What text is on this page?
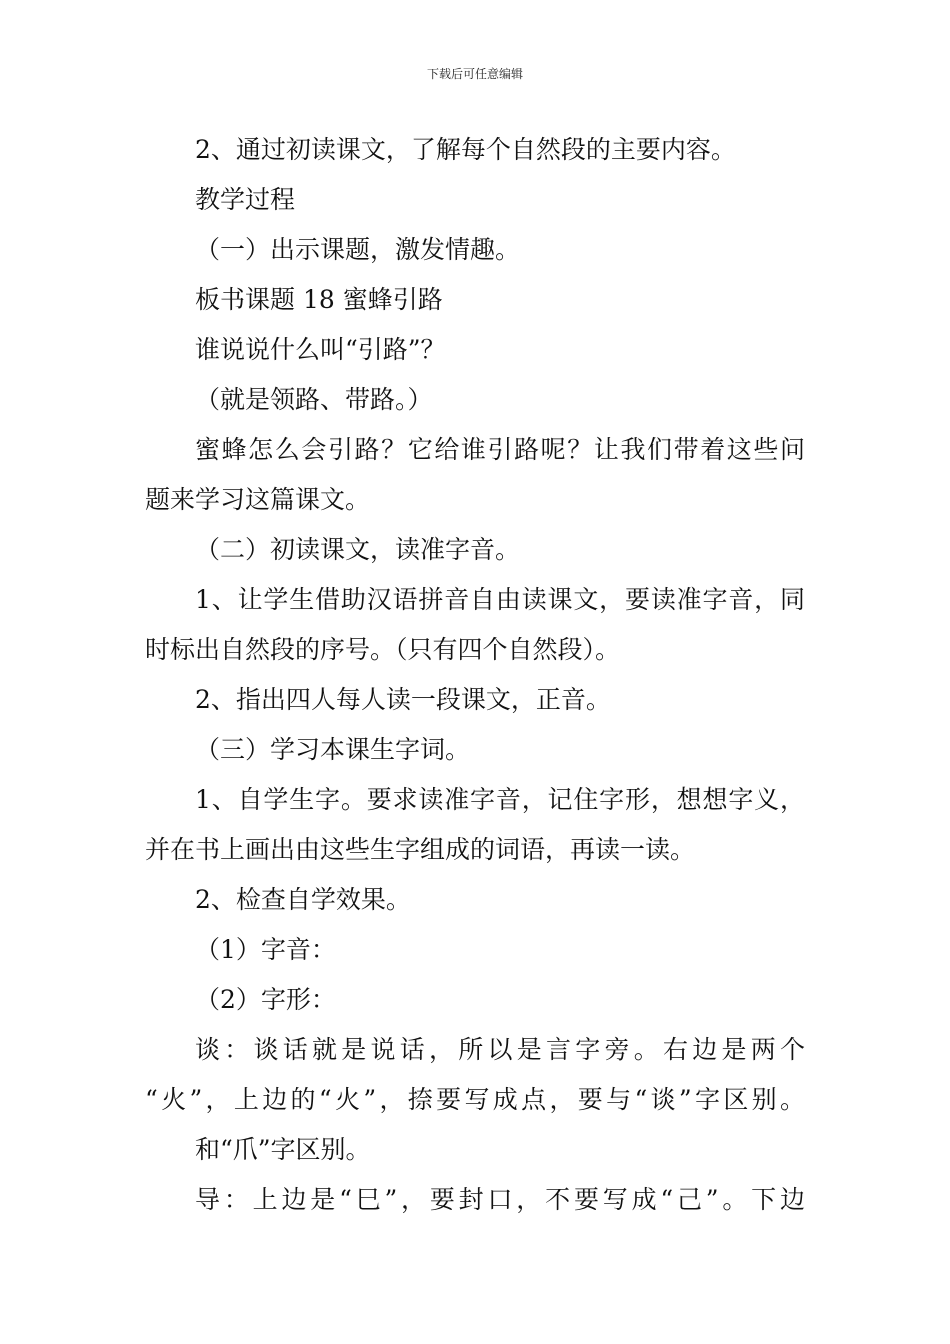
下载后可任意编辑
2、通过初读课文，了解每个自然段的主要内容。
教学过程
（一）出示课题，激发情趣。
板书课题 18 蜜蜂引路
谁说说什么叫“引路”？
（就是领路、带路。）
蜜蜂怎么会引路？它给谁引路呢？让我们带着这些问
题来学习这篇课文。
（二）初读课文，读准字音。
1、让学生借助汉语拼音自由读课文，要读准字音，同
时标出自然段的序号。（只有四个自然段）。
2、指出四人每人读一段课文，正音。
（三）学习本课生字词。
1、自学生字。要求读准字音，记住字形，想想字义，
并在书上画出由这些生字组成的词语，再读一读。
2、检查自学效果。
（1）字音：
（2）字形：
谈：谈话就是说话，所以是言字旁。右边是两个
“火”，上边的“火”，捺要写成点，要与“谈”字区别。
和“爪”字区别。
导：上边是“巳”，要封口，不要写成“己”。下边
